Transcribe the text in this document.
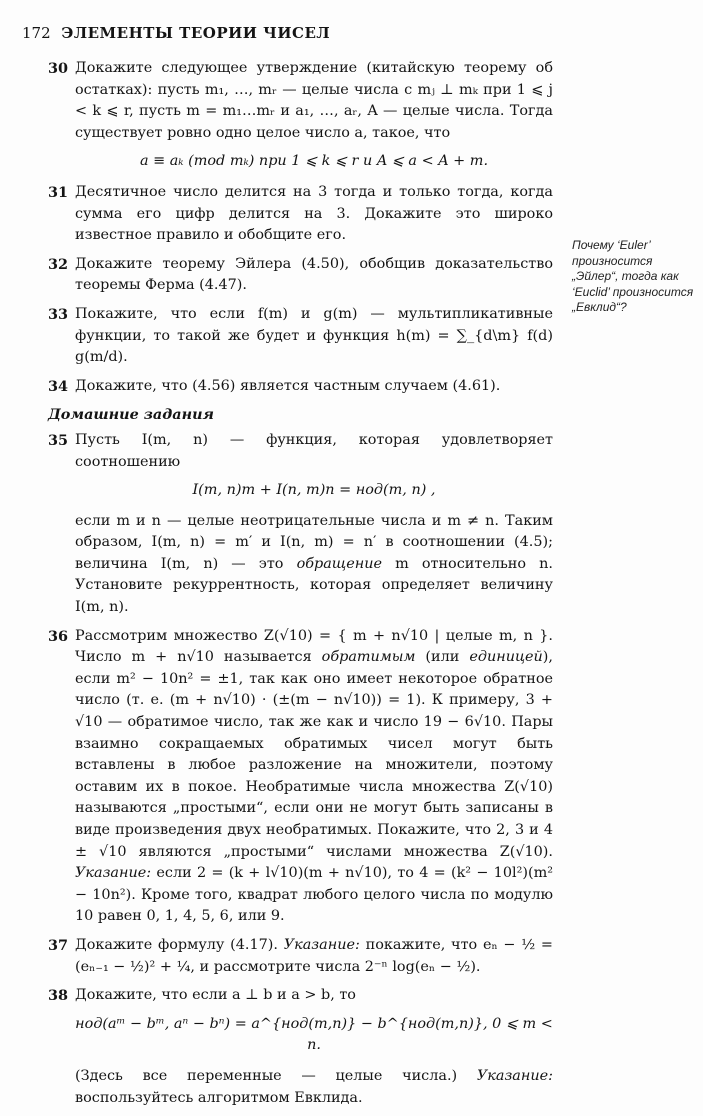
172 ЭЛЕМЕНТЫ ТЕОРИИ ЧИСЕЛ
Почему ‘Euler’ произносится „Эйлер“, тогда как ‘Euclid’ произносится „Евклид“?
30 Докажите следующее утверждение (китайскую теорему об остатках): пусть m₁, …, mᵣ — целые числа с mⱼ ⊥ mₖ при 1 ⩽ j < k ⩽ r, пусть m = m₁…mᵣ и a₁, …, aᵣ, A — целые числа. Тогда существует ровно одно целое число a, такое, что

a ≡ aₖ (mod mₖ) при 1 ⩽ k ⩽ r и A ⩽ a < A + m.

31 Десятичное число делится на 3 тогда и только тогда, когда сумма его цифр делится на 3. Докажите это широко известное правило и обобщите его.

32 Докажите теорему Эйлера (4.50), обобщив доказательство теоремы Ферма (4.47).

33 Покажите, что если f(m) и g(m) — мультипликативные функции, то такой же будет и функция h(m) = ∑_{d\m} f(d) g(m/d).

34 Докажите, что (4.56) является частным случаем (4.61).

Домашние задания
35 Пусть I(m, n) — функция, которая удовлетворяет соотношению

I(m, n)m + I(n, m)n = нод(m, n) ,

если m и n — целые неотрицательные числа и m ≠ n. Таким образом, I(m, n) = m′ и I(n, m) = n′ в соотношении (4.5); величина I(m, n) — это обращение m относительно n. Установите рекуррентность, которая определяет величину I(m, n).

36 Рассмотрим множество Z(√10) = { m + n√10 | целые m, n }. Число m + n√10 называется обратимым (или единицей), если m² − 10n² = ±1, так как оно имеет некоторое обратное число (т. е. (m + n√10) · (±(m − n√10)) = 1). К примеру, 3 + √10 — обратимое число, так же как и число 19 − 6√10. Пары взаимно сокращаемых обратимых чисел могут быть вставлены в любое разложение на множители, поэтому оставим их в покое. Необратимые числа множества Z(√10) называются „простыми“, если они не могут быть записаны в виде произведения двух необратимых. Покажите, что 2, 3 и 4 ± √10 являются „простыми“ числами множества Z(√10). Указание: если 2 = (k + l√10)(m + n√10), то 4 = (k² − 10l²)(m² − 10n²). Кроме того, квадрат любого целого числа по модулю 10 равен 0, 1, 4, 5, 6, или 9.

37 Докажите формулу (4.17). Указание: покажите, что eₙ − ½ = (eₙ₋₁ − ½)² + ¼, и рассмотрите числа 2⁻ⁿ log(eₙ − ½).

38 Докажите, что если a ⊥ b и a > b, то

нод(aᵐ − bᵐ, aⁿ − bⁿ) = a^{нод(m,n)} − b^{нод(m,n)}, 0 ⩽ m < n.

(Здесь все переменные — целые числа.) Указание: воспользуйтесь алгоритмом Евклида.
